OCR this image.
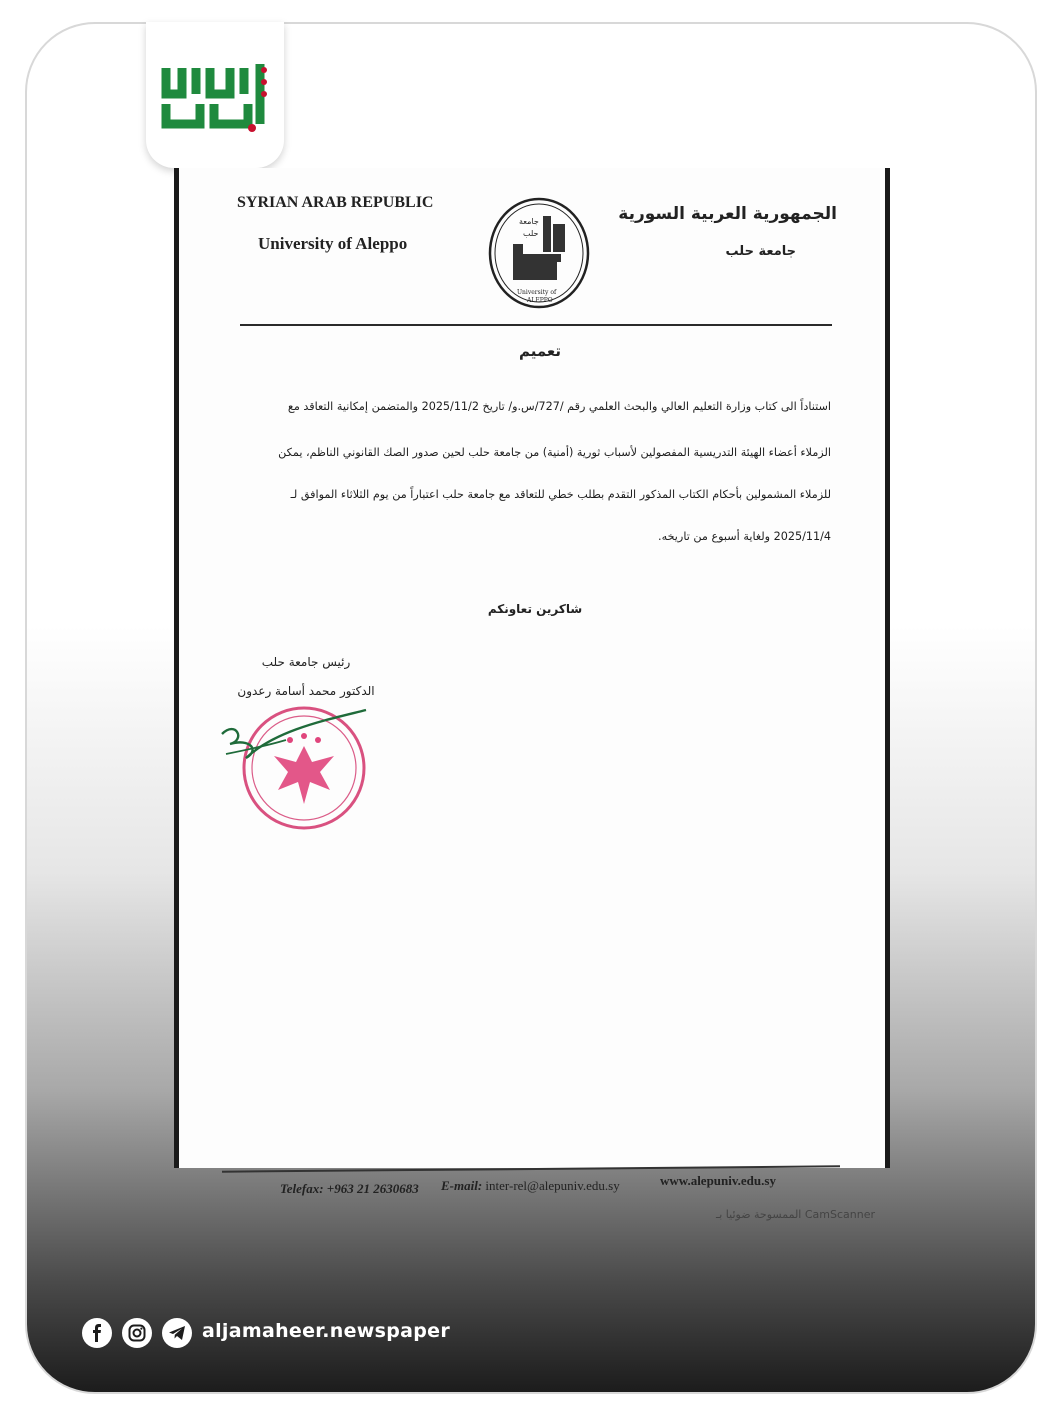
SYRIAN ARAB REPUBLIC
University of Aleppo
الجمهورية العربية السورية
جامعة حلب
جامعة
حلب
University of
ALEPPO
تعميم
استناداً الى كتاب وزارة التعليم العالي والبحث العلمي رقم /727/س.و/ تاريخ 2025/11/2 والمتضمن إمكانية التعاقد مع
الزملاء أعضاء الهيئة التدريسية المفصولين لأسباب ثورية (أمنية) من جامعة حلب لحين صدور الصك القانوني الناظم، يمكن
للزملاء المشمولين بأحكام الكتاب المذكور التقدم بطلب خطي للتعاقد مع جامعة حلب اعتباراً من يوم الثلاثاء الموافق لـ
2025/11/4 ولغاية أسبوع من تاريخه.
شاكرين تعاونكم
رئيس جامعة حلب
الدكتور محمد أسامة رعدون
Telefax: +963 21 2630683 E-mail: inter-rel@alepuniv.edu.sy	www.alepuniv.edu.sy
الممسوحة ضوئيا بـ CamScanner
aljamaheer.newspaper
